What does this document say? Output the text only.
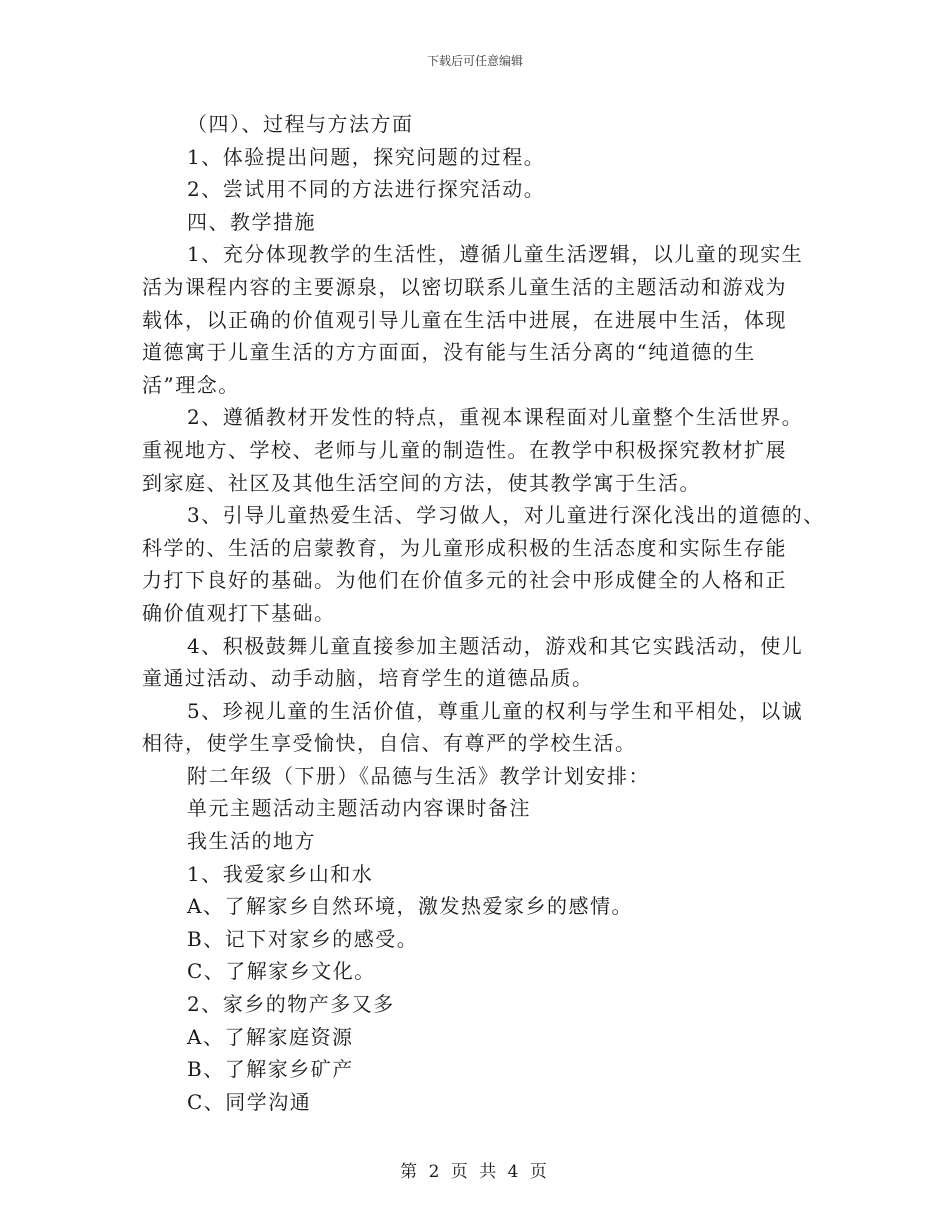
下载后可任意编辑
（四）、过程与方法方面
1、体验提出问题，探究问题的过程。
2、尝试用不同的方法进行探究活动。
四、教学措施
1、充分体现教学的生活性，遵循儿童生活逻辑，以儿童的现实生
活为课程内容的主要源泉，以密切联系儿童生活的主题活动和游戏为
载体，以正确的价值观引导儿童在生活中进展，在进展中生活，体现
道德寓于儿童生活的方方面面，没有能与生活分离的“纯道德的生
活”理念。
2、遵循教材开发性的特点，重视本课程面对儿童整个生活世界。
重视地方、学校、老师与儿童的制造性。在教学中积极探究教材扩展
到家庭、社区及其他生活空间的方法，使其教学寓于生活。
3、引导儿童热爱生活、学习做人，对儿童进行深化浅出的道德的、
科学的、生活的启蒙教育，为儿童形成积极的生活态度和实际生存能
力打下良好的基础。为他们在价值多元的社会中形成健全的人格和正
确价值观打下基础。
4、积极鼓舞儿童直接参加主题活动，游戏和其它实践活动，使儿
童通过活动、动手动脑，培育学生的道德品质。
5、珍视儿童的生活价值，尊重儿童的权利与学生和平相处，以诚
相待，使学生享受愉快，自信、有尊严的学校生活。
附二年级（下册）《品德与生活》教学计划安排：
单元主题活动主题活动内容课时备注
我生活的地方
1、我爱家乡山和水
A、了解家乡自然环境，激发热爱家乡的感情。
B、记下对家乡的感受。
C、了解家乡文化。
2、家乡的物产多又多
A、了解家庭资源
B、了解家乡矿产
C、同学沟通
第 2 页 共 4 页
